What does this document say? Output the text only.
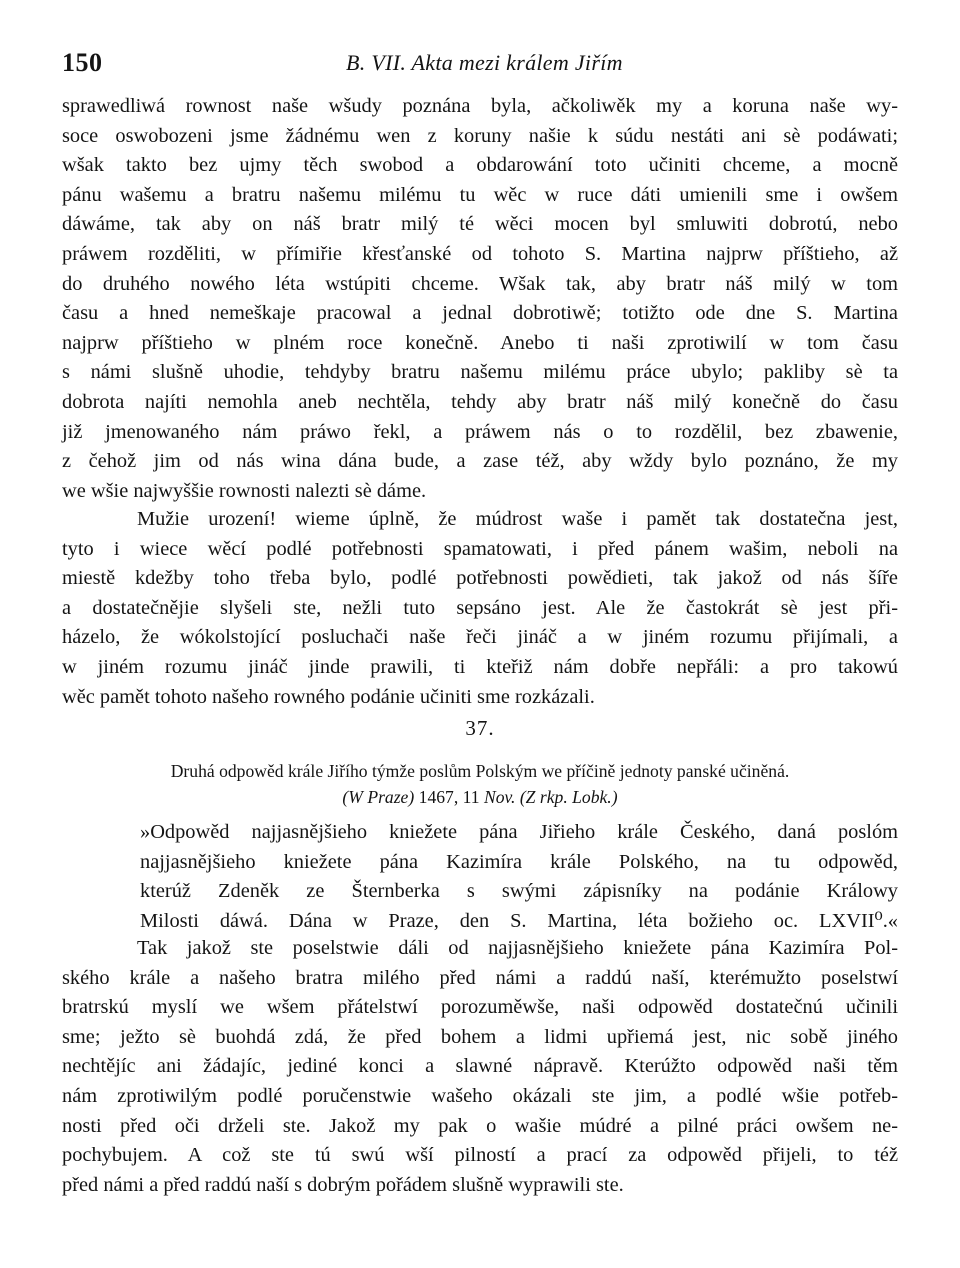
150	B. VII. Akta mezi králem Jiřím
sprawedliwá rownost naše wšudy poznána byla, ačkoliwěk my a koruna naše wy-
soce oswobozeni jsme žádnému wen z koruny našie k súdu nestáti ani sè podáwati;
wšak takto bez ujmy těch swobod a obdarowání toto učiniti chceme, a mocně
pánu wašemu a bratru našemu milému tu wěc w ruce dáti umienili sme i owšem
dáwáme, tak aby on náš bratr milý té wěci mocen byl smluwiti dobrotú, nebo
práwem rozděliti, w přímiřie křesťanské od tohoto S. Martina najprw příštieho, až
do druhého nowého léta wstúpiti chceme. Wšak tak, aby bratr náš milý w tom
času a hned nemeškaje pracowal a jednal dobrotiwě; totižto ode dne S. Martina
najprw příštieho w plném roce konečně. Anebo ti naši zprotiwilí w tom času
s námi slušně uhodie, tehdyby bratru našemu milému práce ubylo; pakliby sè ta
dobrota najíti nemohla aneb nechtěla, tehdy aby bratr náš milý konečně do času
již jmenowaného nám práwo řekl, a práwem nás o to rozdělil, bez zbawenie,
z čehož jim od nás wina dána bude, a zase též, aby wždy bylo poznáno, že my
we wšie najwyššie rownosti nalezti sè dáme.
Mužie urození! wieme úplně, že múdrost waše i pamět tak dostatečna jest,
tyto i wiece wěcí podlé potřebnosti spamatowati, i před pánem wašim, neboli na
miestě kdežby toho třeba bylo, podlé potřebnosti powědieti, tak jakož od nás šíře
a dostatečnějie slyšeli ste, nežli tuto sepsáno jest. Ale že častokrát sè jest při-
házelo, že wókolstojící posluchači naše řeči jináč a w jiném rozumu přijímali, a
w jiném rozumu jináč jinde prawili, ti kteřiž nám dobře nepřáli: a pro takowú
wěc pamět tohoto našeho rowného podánie učiniti sme rozkázali.
37.
Druhá odpowěd krále Jiřího týmže poslům Polským we příčině jednoty panské učiněná.
(W Praze) 1467, 11 Nov. (Z rkp. Lobk.)
»Odpowěd najjasnějšieho kniežete pána Jiřieho krále Českého, daná poslóm
najjasnějšieho kniežete pána Kazimíra krále Polského, na tu odpowěd,
kterúž Zdeněk ze Šternberka s swými zápisníky na podánie Králowy
Milosti dáwá. Dána w Praze, den S. Martina, léta božieho oc. LXVII⁰.«
Tak jakož ste poselstwie dáli od najjasnějšieho kniežete pána Kazimíra Pol-
ského krále a našeho bratra milého před námi a raddú naší, kterémužto poselstwí
bratrskú myslí we wšem přátelstwí porozuměwše, naši odpowěd dostatečnú učinili
sme; ježto sè buohdá zdá, že před bohem a lidmi upřiemá jest, nic sobě jiného
nechtějíc ani žádajíc, jediné konci a slawné nápravě. Kterúžto odpowěd naši těm
nám zprotiwilým podlé poručenstwie wašeho okázali ste jim, a podlé wšie potřeb-
nosti před oči drželi ste. Jakož my pak o wašie múdré a pilné práci owšem ne-
pochybujem. A což ste tú swú wší pilností a prací za odpowěd přijeli, to též
před námi a před raddú naší s dobrým pořádem slušně wyprawili ste.
